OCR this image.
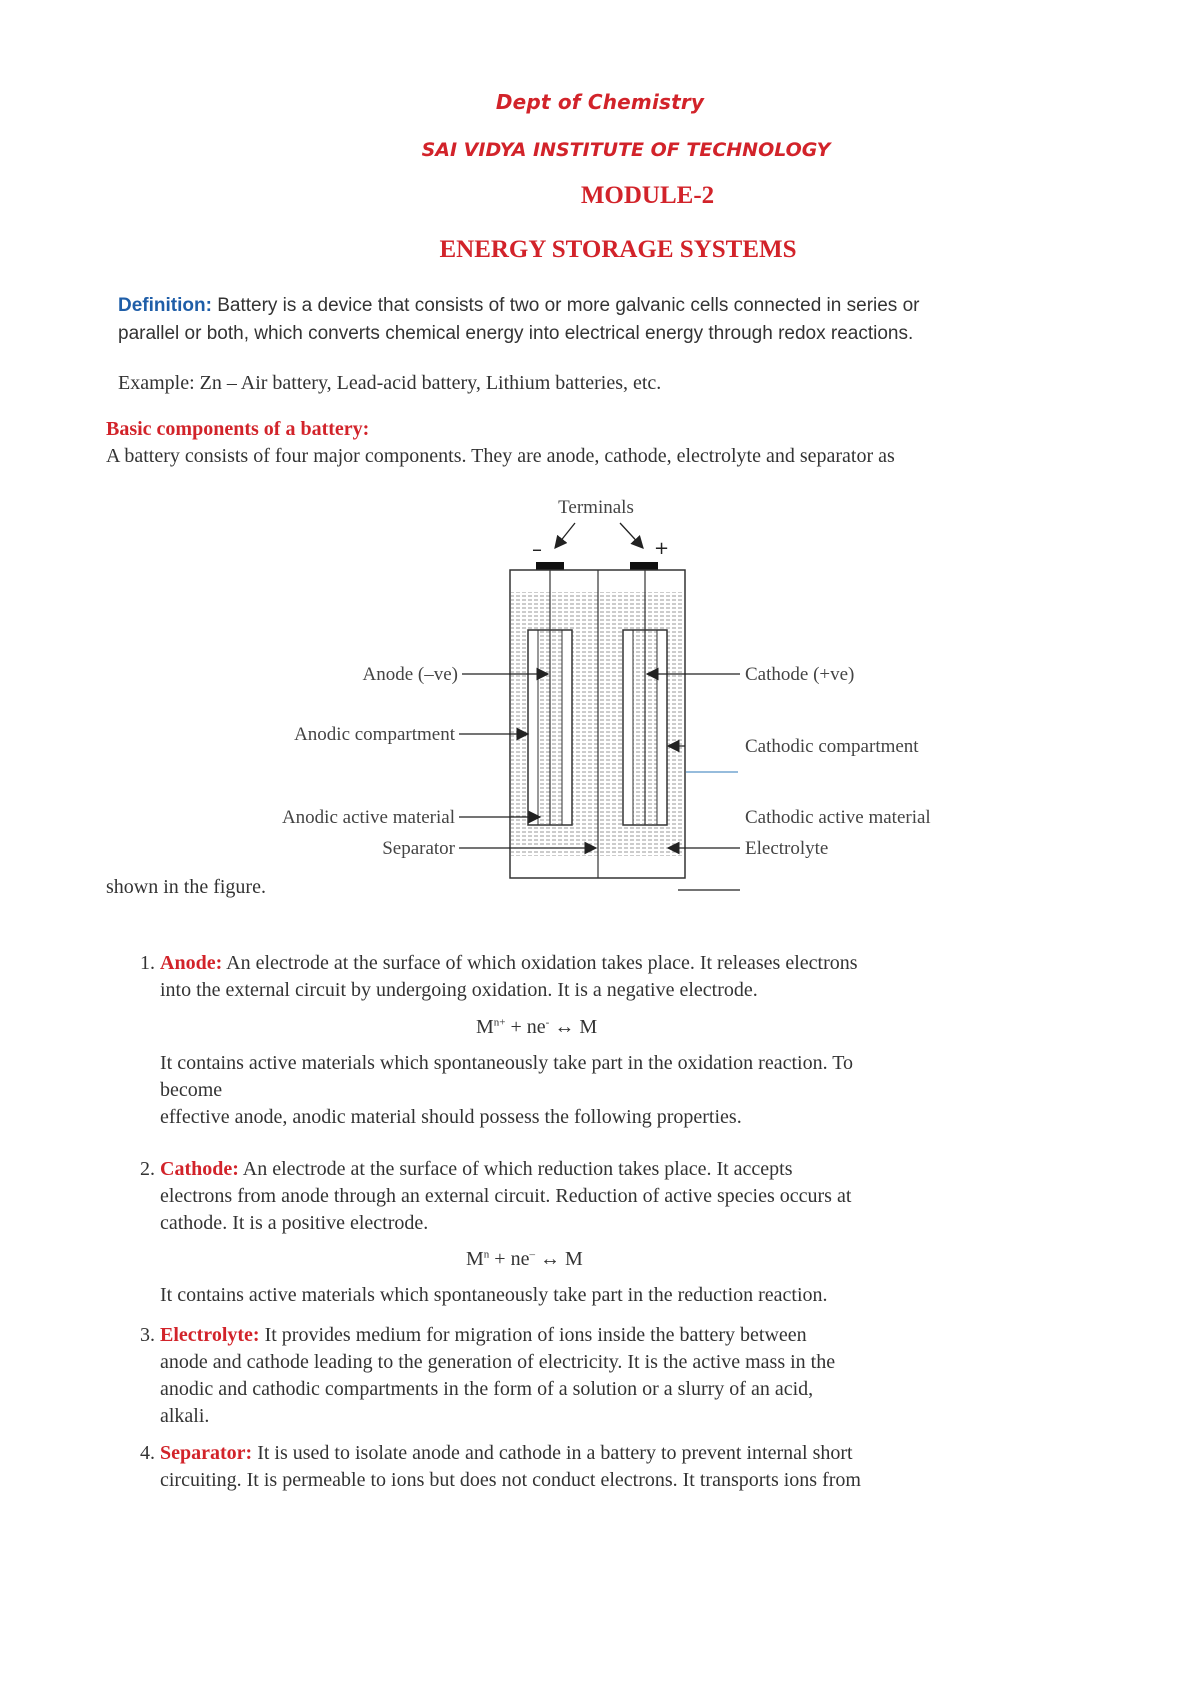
Dept of Chemistry
SAI VIDYA INSTITUTE OF TECHNOLOGY
MODULE-2
ENERGY STORAGE SYSTEMS
Definition: Battery is a device that consists of two or more galvanic cells connected in series or
parallel or both, which converts chemical energy into electrical energy through redox reactions.
Example: Zn – Air battery, Lead-acid battery, Lithium batteries, etc.
Basic components of a battery:
A battery consists of four major components. They are anode, cathode, electrolyte and separator as
Terminals
–	+
Anode (–ve)
Anodic compartment
Anodic active material
Separator
Cathode (+ve)
Cathodic compartment
Cathodic active material
Electrolyte
shown in the figure.
1. Anode: An electrode at the surface of which oxidation takes place. It releases electrons
into the external circuit by undergoing oxidation. It is a negative electrode.
$M^{n+} + ne^-$ ↔ M
It contains active materials which spontaneously take part in the oxidation reaction. To
become
effective anode, anodic material should possess the following properties.
2. Cathode: An electrode at the surface of which reduction takes place. It accepts
electrons from anode through an external circuit. Reduction of active species occurs at
cathode. It is a positive electrode.
$M^n + ne^-$ ↔ M
It contains active materials which spontaneously take part in the reduction reaction.
3. Electrolyte: It provides medium for migration of ions inside the battery between
anode and cathode leading to the generation of electricity. It is the active mass in the
anodic and cathodic compartments in the form of a solution or a slurry of an acid,
alkali.
4. Separator: It is used to isolate anode and cathode in a battery to prevent internal short
circuiting. It is permeable to ions but does not conduct electrons. It transports ions from
